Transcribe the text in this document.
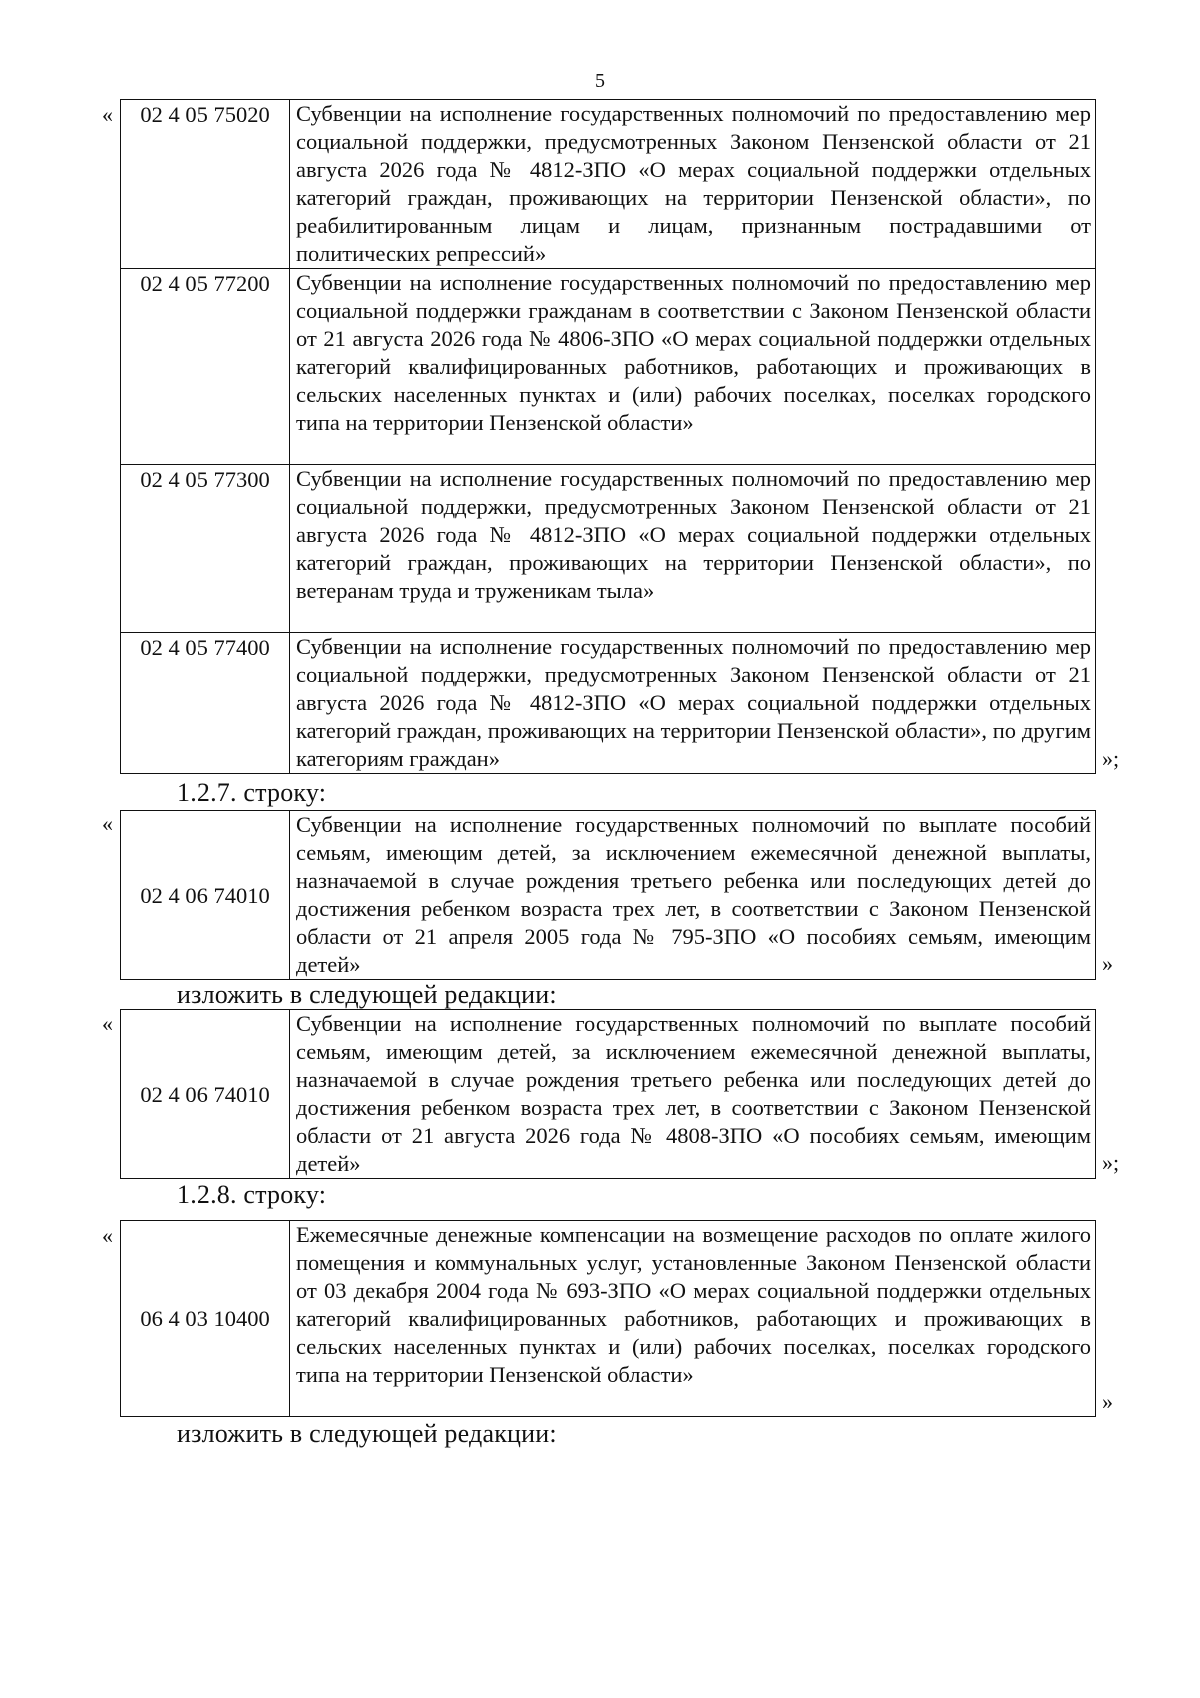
5
« 02 4 05 75020	Субвенции на исполнение государственных полномочий по предоставлению мер социальной поддержки, предусмотренных Законом Пензенской области от 21 августа 2026 года № 4812-ЗПО «О мерах социальной поддержки отдельных категорий граждан, проживающих на территории Пензенской области», по реабилитированным лицам и лицам, признанным пострадавшими от политических репрессий»
02 4 05 77200	Субвенции на исполнение государственных полномочий по предоставлению мер социальной поддержки гражданам в соответствии с Законом Пензенской области от 21 августа 2026 года № 4806-ЗПО «О мерах социальной поддержки отдельных категорий квалифицированных работников, работающих и проживающих в сельских населенных пунктах и (или) рабочих поселках, поселках городского типа на территории Пензенской области»
02 4 05 77300	Субвенции на исполнение государственных полномочий по предоставлению мер социальной поддержки, предусмотренных Законом Пензенской области от 21 августа 2026 года № 4812-ЗПО «О мерах социальной поддержки отдельных категорий граждан, проживающих на территории Пензенской области», по ветеранам труда и труженикам тыла»
02 4 05 77400	Субвенции на исполнение государственных полномочий по предоставлению мер социальной поддержки, предусмотренных Законом Пензенской области от 21 августа 2026 года № 4812-ЗПО «О мерах социальной поддержки отдельных категорий граждан, проживающих на территории Пензенской области», по другим категориям граждан»	»;
1.2.7. строку:
«
02 4 06 74010	Субвенции на исполнение государственных полномочий по выплате пособий семьям, имеющим детей, за исключением ежемесячной денежной выплаты, назначаемой в случае рождения третьего ребенка или последующих детей до достижения ребенком возраста трех лет, в соответствии с Законом Пензенской области от 21 апреля 2005 года № 795-ЗПО «О пособиях семьям, имеющим детей»	»
изложить в следующей редакции:
«
02 4 06 74010	Субвенции на исполнение государственных полномочий по выплате пособий семьям, имеющим детей, за исключением ежемесячной денежной выплаты, назначаемой в случае рождения третьего ребенка или последующих детей до достижения ребенком возраста трех лет, в соответствии с Законом Пензенской области от 21 августа 2026 года № 4808-ЗПО «О пособиях семьям, имеющим детей»	»;
1.2.8. строку:
«
06 4 03 10400	Ежемесячные денежные компенсации на возмещение расходов по оплате жилого помещения и коммунальных услуг, установленные Законом Пензенской области от 03 декабря 2004 года № 693-ЗПО «О мерах социальной поддержки отдельных категорий квалифицированных работников, работающих и проживающих в сельских населенных пунктах и (или) рабочих поселках, поселках городского типа на территории Пензенской области»
»
изложить в следующей редакции:
